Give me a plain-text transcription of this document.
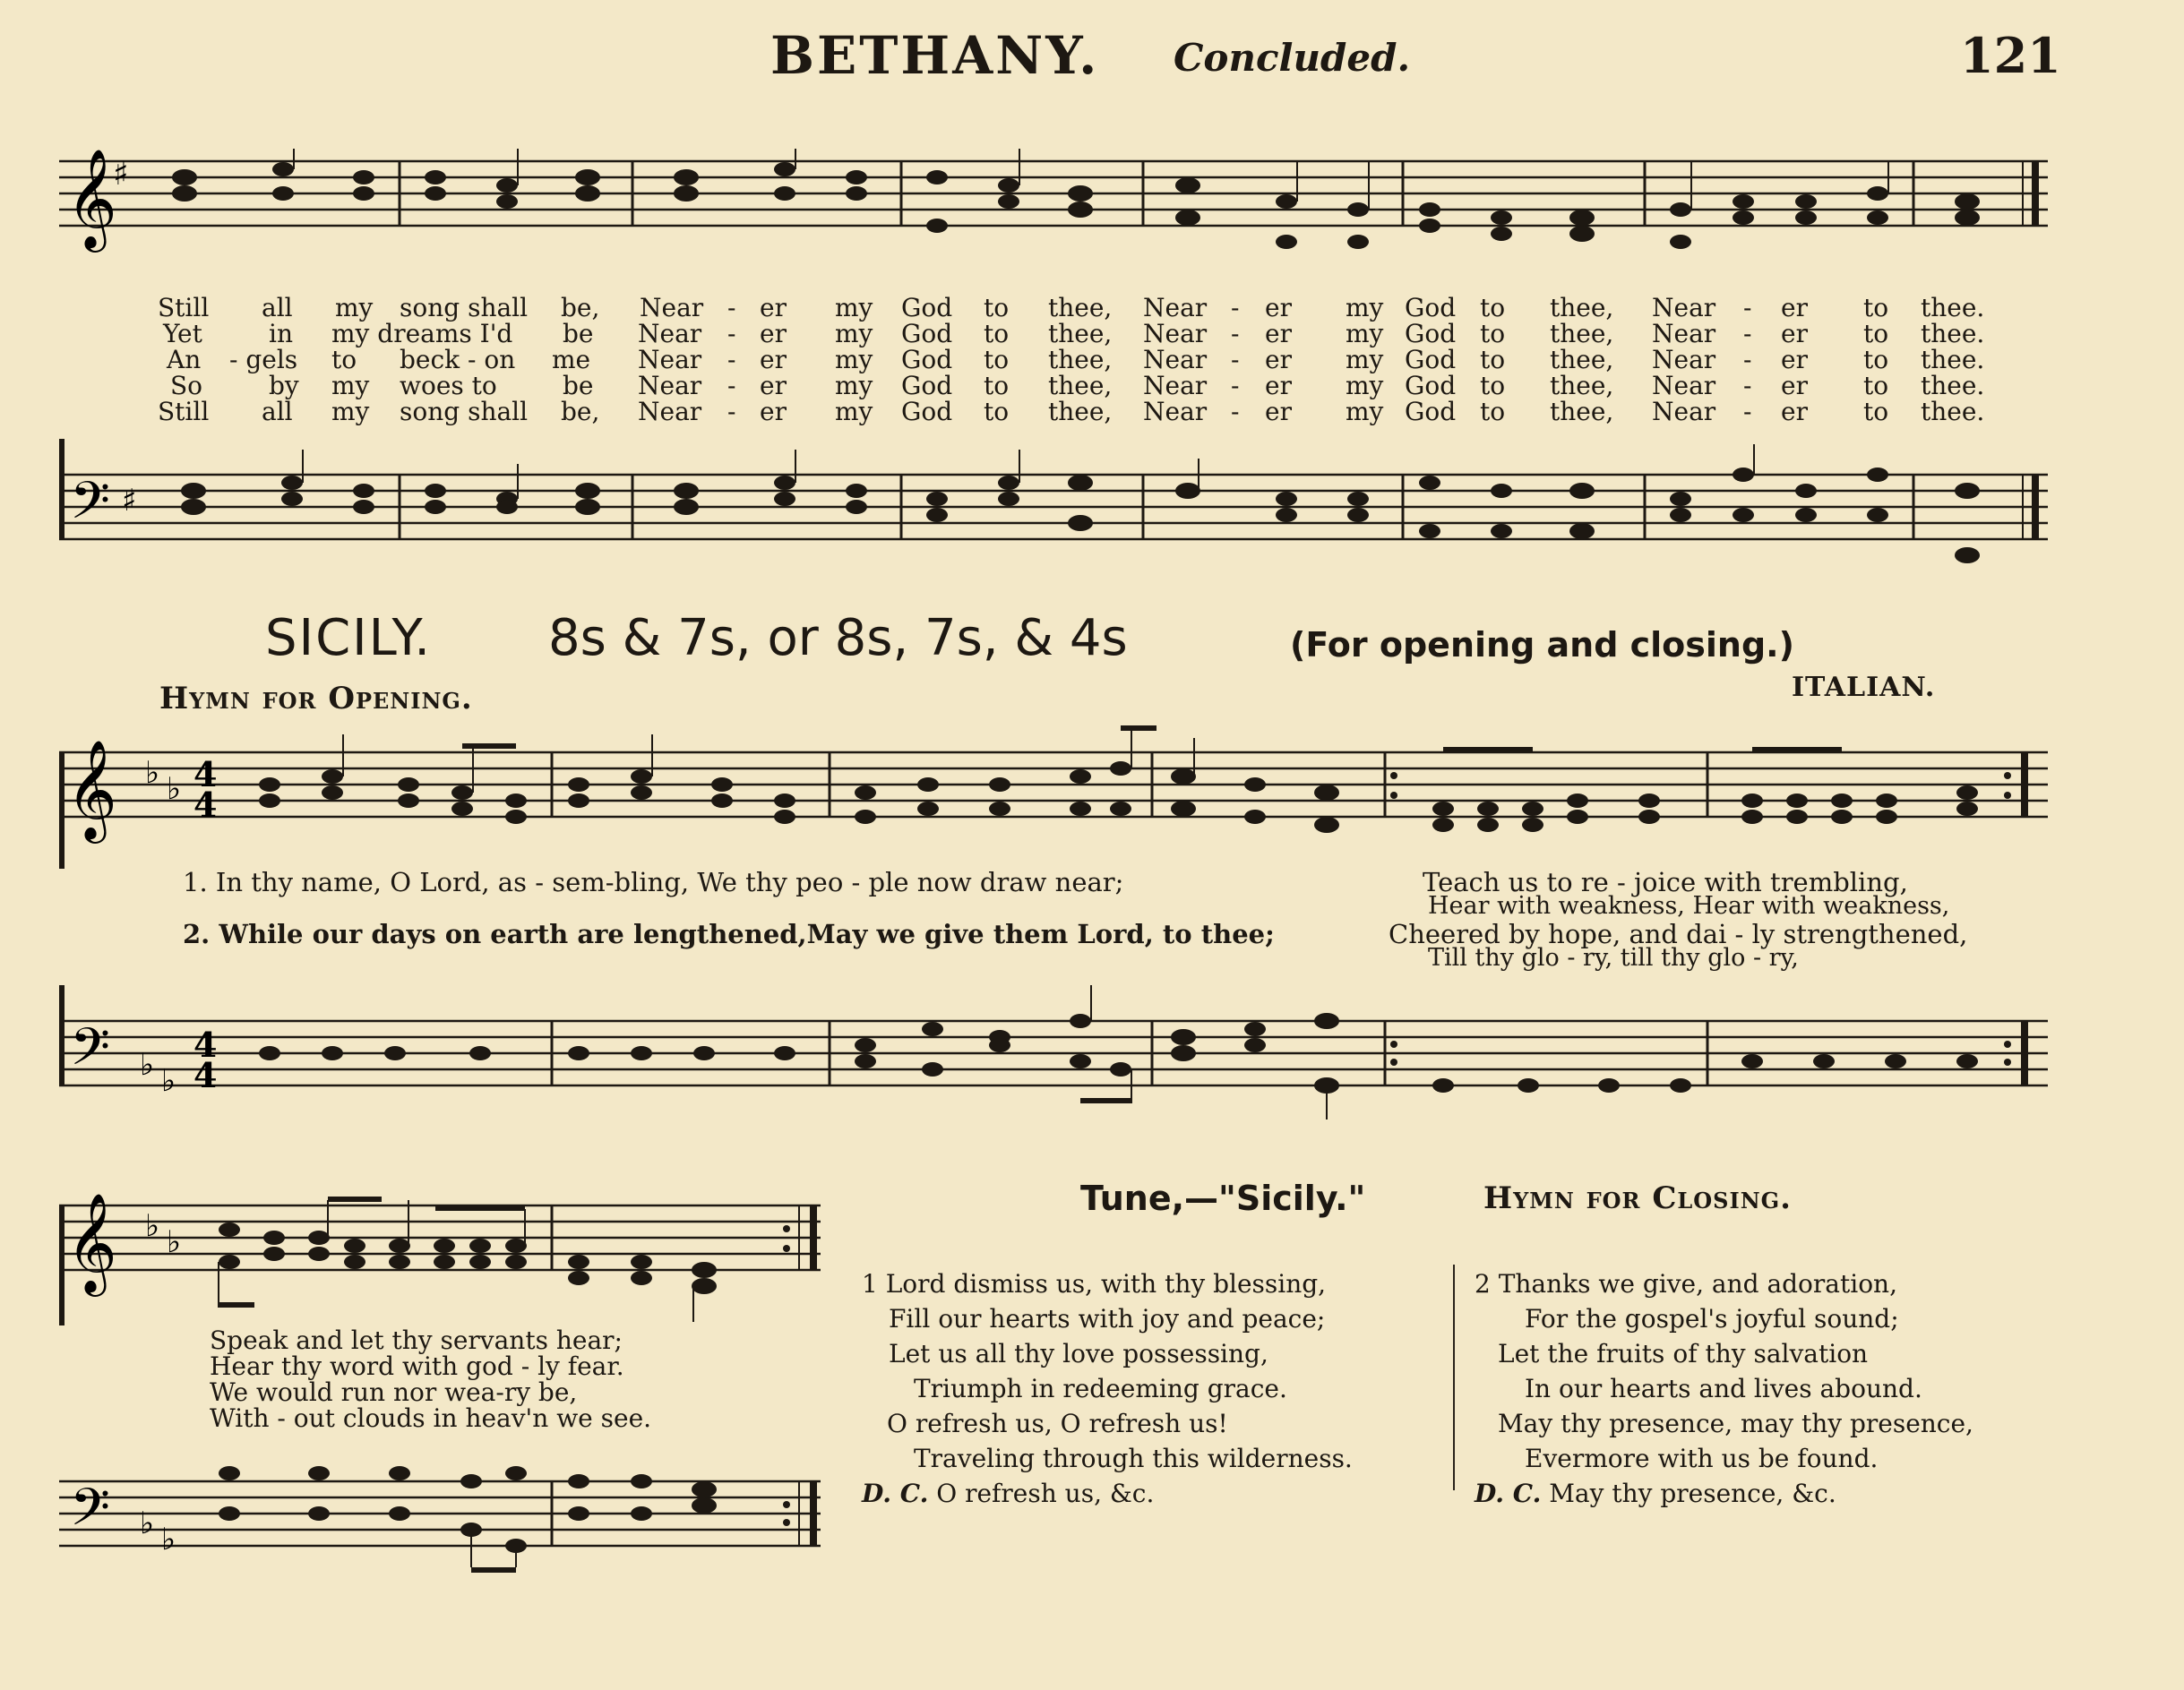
BETHANY. Concluded.	121
𝄞
♯
Still all my song shall be, Near - er my God to thee, Near - er my God to thee, Near - er to thee.
Yet	in my dreams I'd be Near - er my God to thee, Near - er my God to thee, Near - er to thee.
An - gels to beck - on me Near - er my God to thee, Near - er my God to thee, Near - er to thee.
So	by my woes to	be Near - er my God to thee, Near - er my God to thee, Near - er to thee.
Still all my song shall be, Near - er my God to thee, Near - er my God to thee, Near - er to thee.
𝄢 ♯
SICILY. 8s & 7s, or 8s, 7s, & 4s	(For opening and closing.)
Hymn for Opening.	ITALIAN.
𝄞 ♭ ♭ 4
4
1. In thy name, O Lord, as - sem-bling, We thy peo - ple now draw near;	Teach us to re - joice with trembling,
Hear with weakness, Hear with weakness,
2. While our days on earth are lengthened,May we give them Lord, to thee;	Cheered by hope, and dai - ly strengthened,
Till thy glo - ry, till thy glo - ry,
𝄢 ♭ ♭
4
4
𝄞 ♭ ♭
Speak and let thy servants hear;
Hear thy word with god - ly fear.
We would run nor wea-ry be,
With - out clouds in heav'n we see.
𝄢 ♭ ♭
Tune,—"Sicily."	Hymn for Closing.
1 Lord dismiss us, with thy blessing,
Fill our hearts with joy and peace;
Let us all thy love possessing,
Triumph in redeeming grace.
O refresh us, O refresh us!
Traveling through this wilderness.
D. C. O refresh us, &c.
2 Thanks we give, and adoration,
For the gospel's joyful sound;
Let the fruits of thy salvation
In our hearts and lives abound.
May thy presence, may thy presence,
Evermore with us be found.
D. C. May thy presence, &c.
